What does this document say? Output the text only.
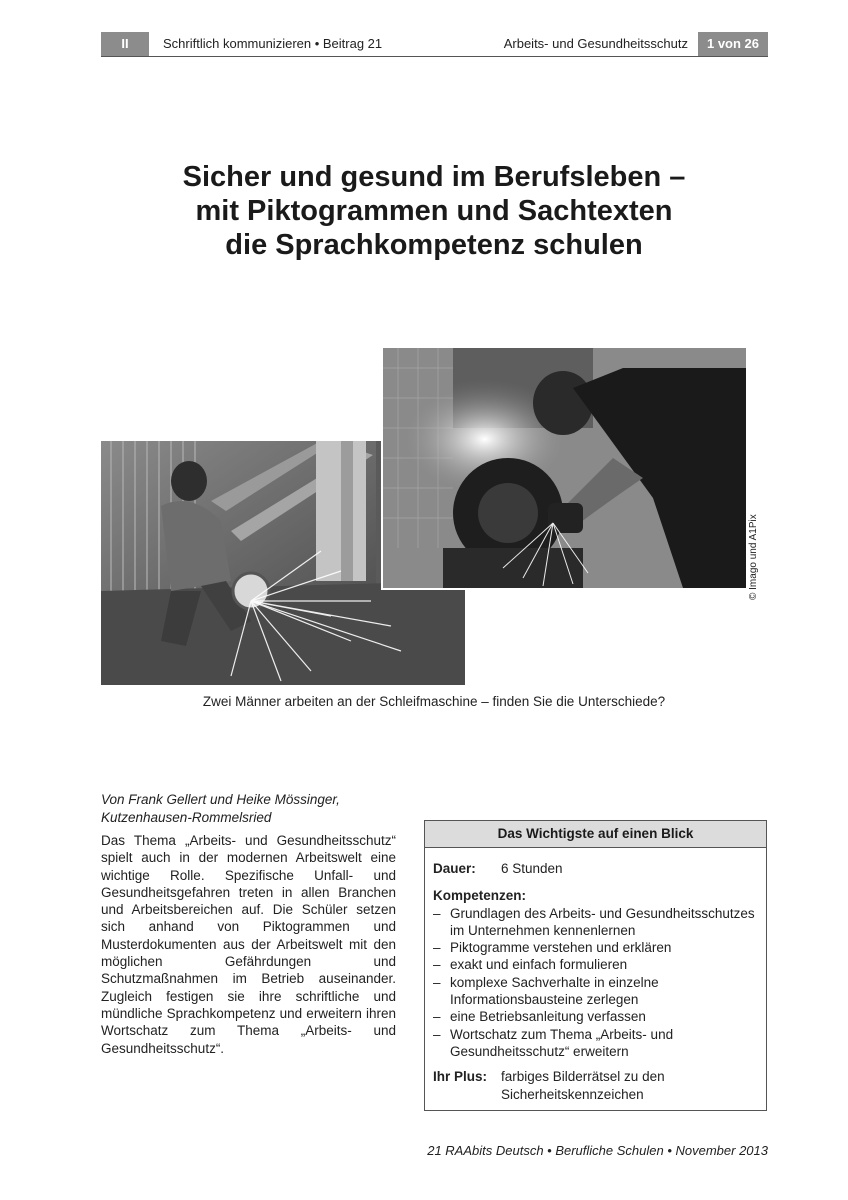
II	Schriftlich kommunizieren • Beitrag 21	Arbeits- und Gesundheitsschutz	1 von 26
Sicher und gesund im Berufsleben –
mit Piktogrammen und Sachtexten
die Sprachkompetenz schulen
© Imago und A1Pix
Zwei Männer arbeiten an der Schleifmaschine – finden Sie die Unterschiede?
Von Frank Gellert und Heike Mössinger,
Kutzenhausen-Rommelsried

Das Thema „Arbeits- und Gesundheitsschutz“ spielt auch in der modernen Arbeitswelt eine wichtige Rolle. Spezifische Unfall- und Gesundheitsgefahren treten in allen Branchen und Arbeitsbereichen auf. Die Schüler setzen sich anhand von Piktogrammen und Musterdokumenten aus der Arbeitswelt mit den möglichen Gefährdungen und Schutzmaßnahmen im Betrieb auseinander. Zugleich festigen sie ihre schriftliche und mündliche Sprachkompetenz und erweitern ihren Wortschatz zum Thema „Arbeits- und Gesundheitsschutz“.

Das Wichtigste auf einen Blick
Dauer:	6 Stunden
Kompetenzen:
– Grundlagen des Arbeits- und Gesundheitsschutzes im Unternehmen kennenlernen
– Piktogramme verstehen und erklären
– exakt und einfach formulieren
– komplexe Sachverhalte in einzelne Informationsbausteine zerlegen
– eine Betriebsanleitung verfassen
– Wortschatz zum Thema „Arbeits- und Gesundheitsschutz“ erweitern
Ihr Plus:	farbiges Bilderrätsel zu den Sicherheitskennzeichen
21 RAAbits Deutsch • Berufliche Schulen • November 2013
